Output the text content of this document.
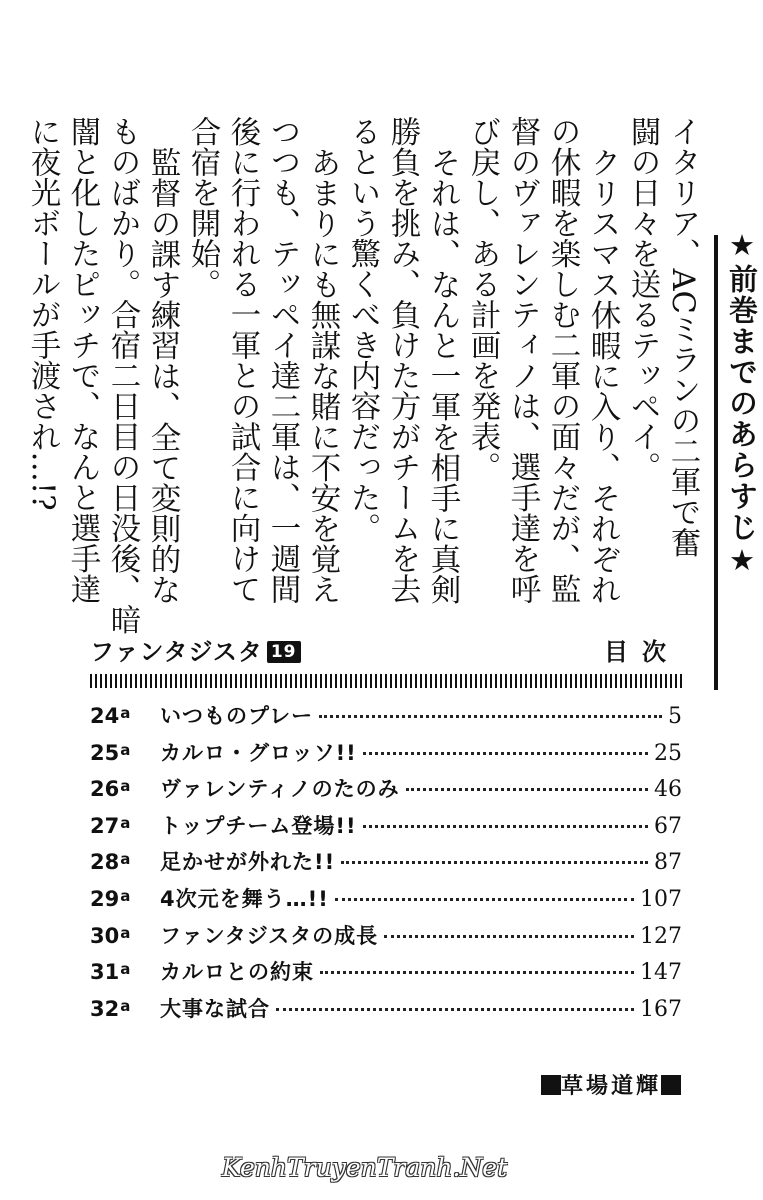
イタリア、ACミランの二軍で奮
闘の日々を送るテッペイ。
クリスマス休暇に入り、それぞれ
の休暇を楽しむ二軍の面々だが、監
督のヴァレンティノは、選手達を呼
び戻し、ある計画を発表。
それは、なんと一軍を相手に真剣
勝負を挑み、負けた方がチームを去
るという驚くべき内容だった。
あまりにも無謀な賭に不安を覚え
つつも、テッペイ達二軍は、一週間
後に行われる一軍との試合に向けて
合宿を開始。
監督の課す練習は、全て変則的な
ものばかり。合宿二日目の日没後、暗
闇と化したピッチで、なんと選手達
に夜光ボールが手渡され…!?	★前巻までのあらすじ★
ファンタジスタ 19	目次
24$^a$	いつものプレー	5
25$^a$	カルロ・グロッソ!!	25
26$^a$	ヴァレンティノのたのみ	46
27$^a$	トップチーム登場!!	67
28$^a$	足かせが外れた!!	87
29$^a$	4次元を舞う…!!	107
30$^a$	ファンタジスタの成長	127
31$^a$	カルロとの約束	147
32$^a$	大事な試合	167
草場道輝
KenhTruyenTranh.Net
